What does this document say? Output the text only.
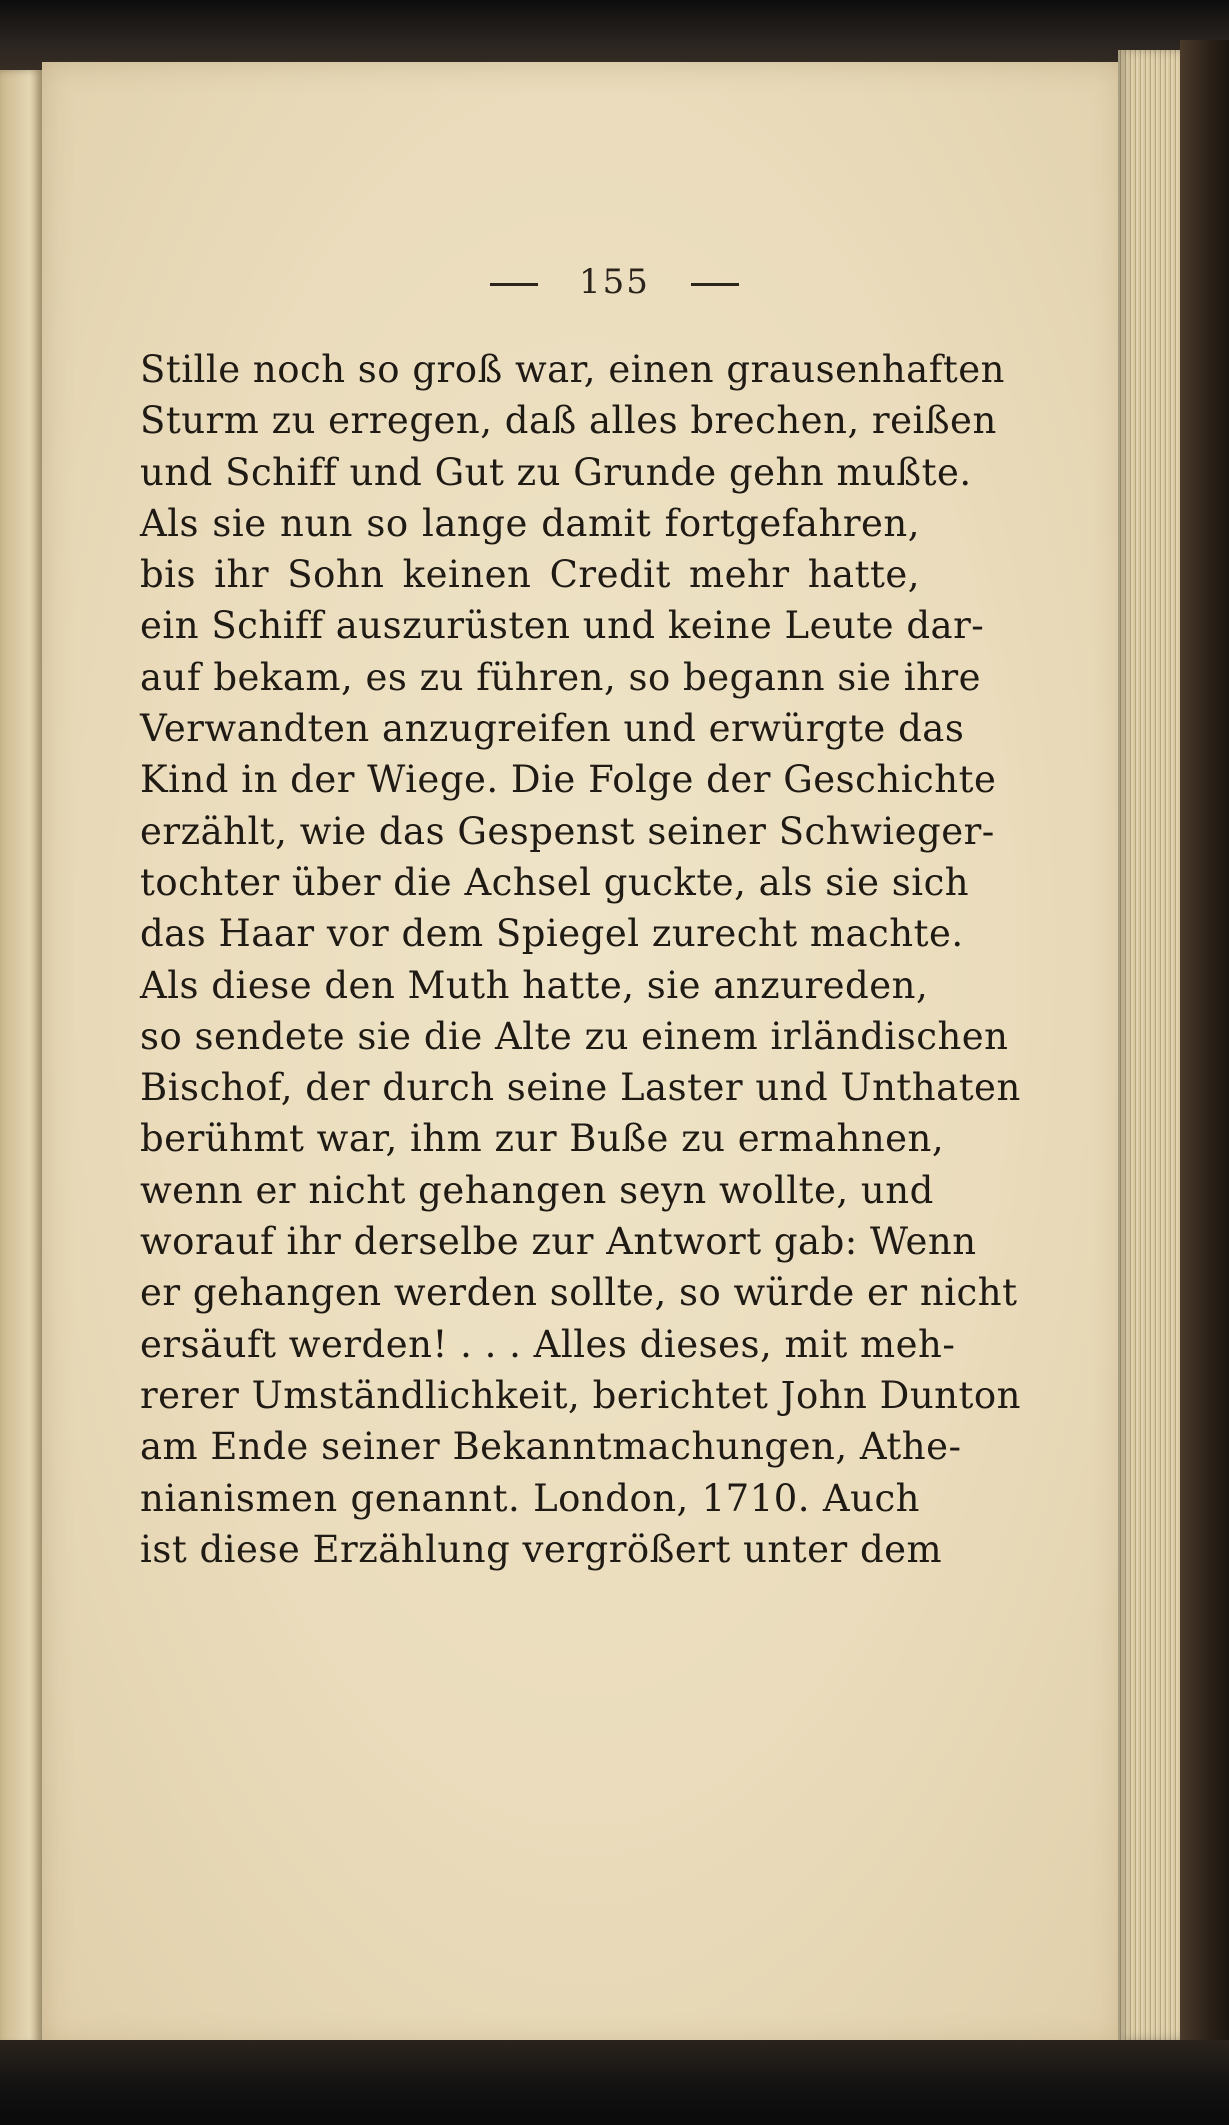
155
Stille noch so groß war, einen grausenhaften
Sturm zu erregen, daß alles brechen, reißen
und Schiff und Gut zu Grunde gehn mußte.
Als sie nun so lange damit fortgefahren,
bis ihr Sohn keinen Credit mehr hatte,
ein Schiff auszurüsten und keine Leute dar-
auf bekam, es zu führen, so begann sie ihre
Verwandten anzugreifen und erwürgte das
Kind in der Wiege. Die Folge der Geschichte
erzählt, wie das Gespenst seiner Schwieger-
tochter über die Achsel guckte, als sie sich
das Haar vor dem Spiegel zurecht machte.
Als diese den Muth hatte, sie anzureden,
so sendete sie die Alte zu einem irländischen
Bischof, der durch seine Laster und Unthaten
berühmt war, ihm zur Buße zu ermahnen,
wenn er nicht gehangen seyn wollte, und
worauf ihr derselbe zur Antwort gab: Wenn
er gehangen werden sollte, so würde er nicht
ersäuft werden! . . . Alles dieses, mit meh-
rerer Umständlichkeit, berichtet John Dunton
am Ende seiner Bekanntmachungen, Athe-
nianismen genannt. London, 1710. Auch
ist diese Erzählung vergrößert unter dem
